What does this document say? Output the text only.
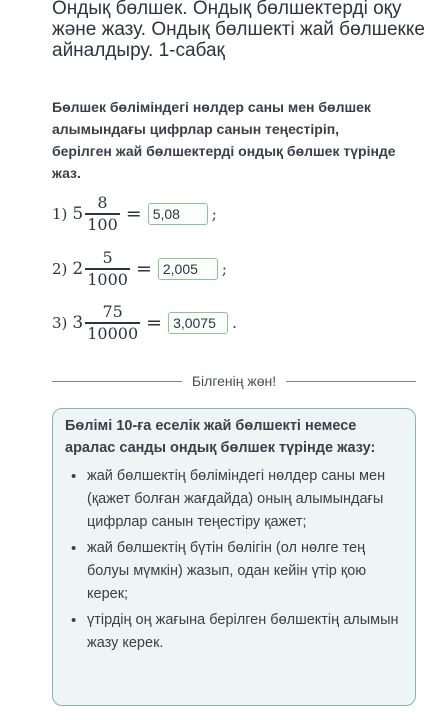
Ондық бөлшек. Ондық бөлшектерді оқу және жазу. Ондық бөлшекті жай бөлшекке айналдыру. 1-сабақ
Бөлшек бөліміндегі нөлдер саны мен бөлшек алымындағы цифрлар санын теңестіріп, берілген жай бөлшектерді ондық бөлшек түрінде жаз.
1) $5 \frac{8}{100} = 5,08$	;
2) $2 \frac{5}{1000} = 2,005$	;
3) $3 \frac{75}{10000} = 3,0075$	.
Білгенің жөн!
Бөлімі 10-ға еселік жай бөлшекті немесе аралас санды ондық бөлшек түрінде жазу:
• жай бөлшектің бөліміндегі нөлдер саны мен (қажет болған жағдайда) оның алымындағы цифрлар санын теңестіру қажет;
• жай бөлшектің бүтін бөлігін (ол нөлге тең болуы мүмкін) жазып, одан кейін үтір қою керек;
• үтірдің оң жағына берілген бөлшектің алымын жазу керек.
